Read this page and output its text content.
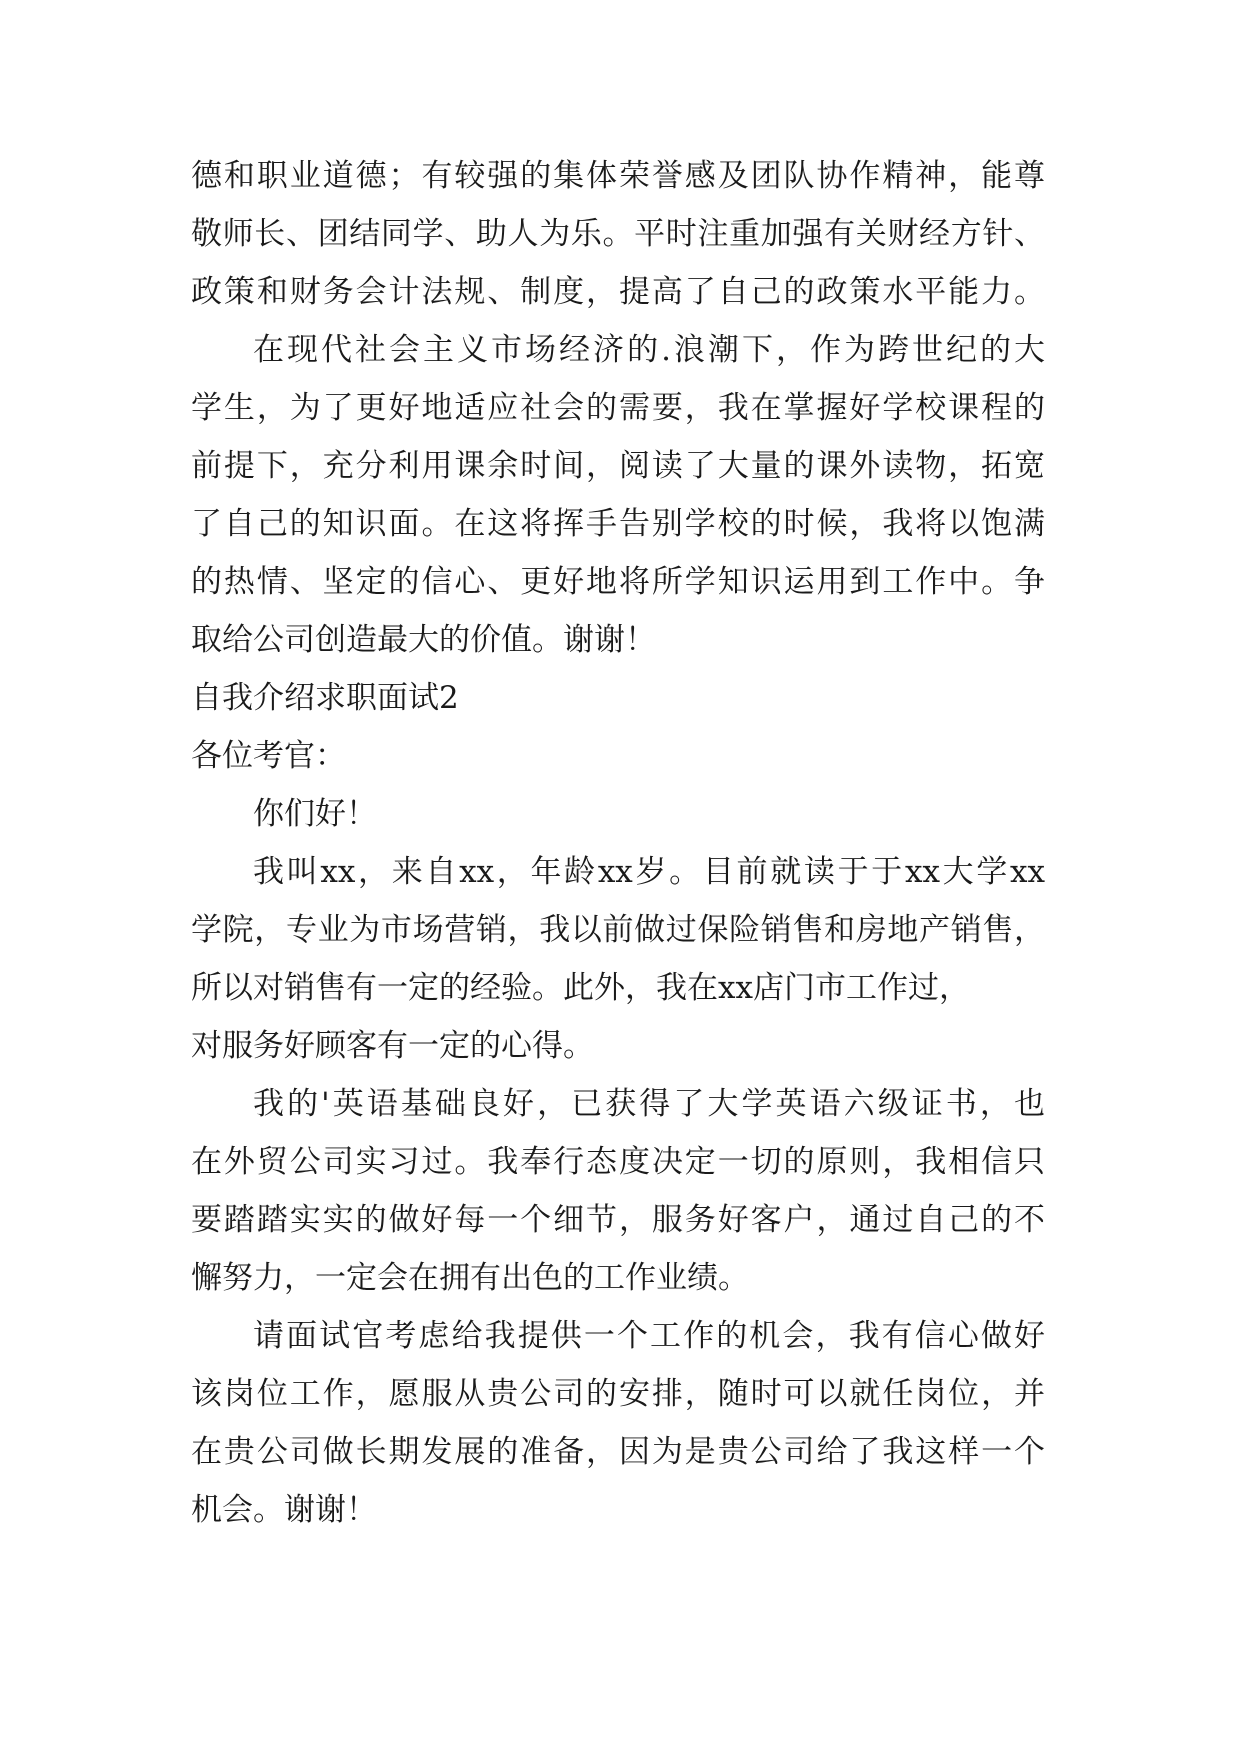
德和职业道德；有较强的集体荣誉感及团队协作精神，能尊
敬师长、团结同学、助人为乐。平时注重加强有关财经方针、
政策和财务会计法规、制度，提高了自己的政策水平能力。
在现代社会主义市场经济的.浪潮下，作为跨世纪的大
学生，为了更好地适应社会的需要，我在掌握好学校课程的
前提下，充分利用课余时间，阅读了大量的课外读物，拓宽
了自己的知识面。在这将挥手告别学校的时候，我将以饱满
的热情、坚定的信心、更好地将所学知识运用到工作中。争
取给公司创造最大的价值。谢谢！
自我介绍求职面试2
各位考官：
你们好！
我叫xx，来自xx，年龄xx岁。目前就读于于xx大学xx
学院，专业为市场营销，我以前做过保险销售和房地产销售，
所以对销售有一定的经验。此外，我在xx店门市工作过，
对服务好顾客有一定的心得。
我的'英语基础良好，已获得了大学英语六级证书，也
在外贸公司实习过。我奉行态度决定一切的原则，我相信只
要踏踏实实的做好每一个细节，服务好客户，通过自己的不
懈努力，一定会在拥有出色的工作业绩。
请面试官考虑给我提供一个工作的机会，我有信心做好
该岗位工作，愿服从贵公司的安排，随时可以就任岗位，并
在贵公司做长期发展的准备，因为是贵公司给了我这样一个
机会。谢谢！
